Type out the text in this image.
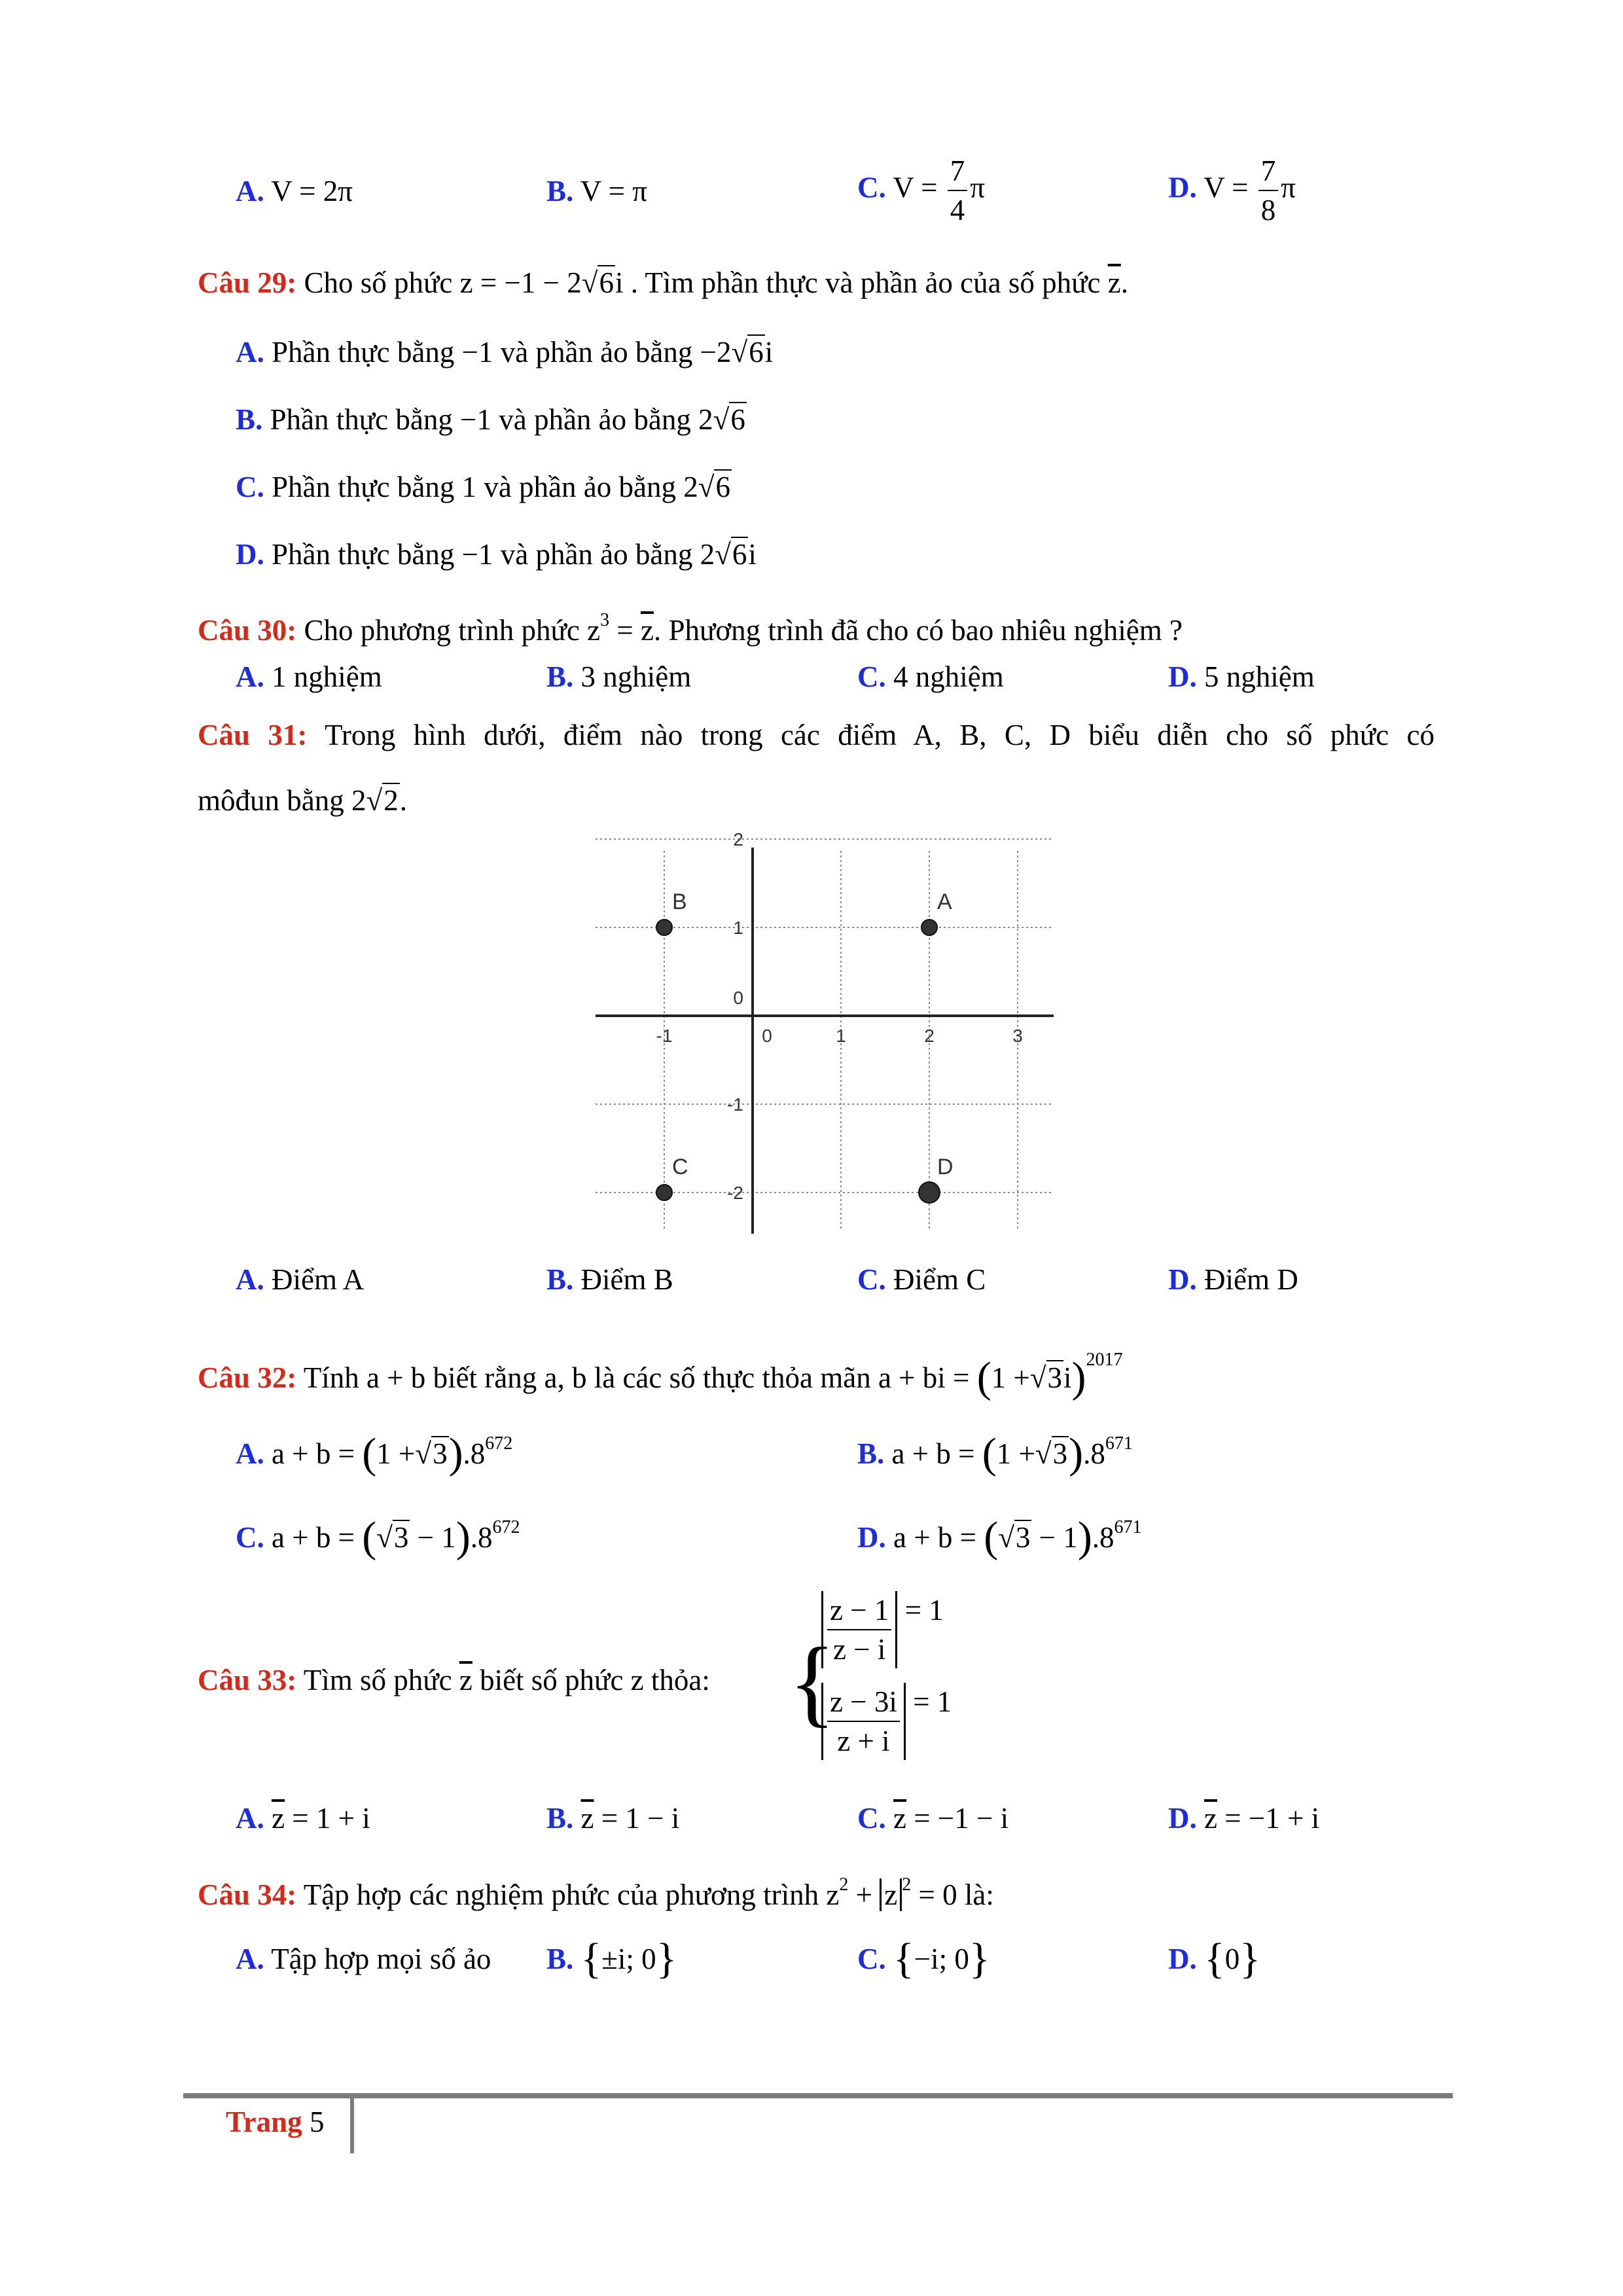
A. V = 2π	B. V = π	C. $V = \frac{7}{4}$ π	D. $V = \frac{7}{8}$ π
Câu 29: Cho số phức z = −1 − 2√6i . Tìm phần thực và phần ảo của số phức $\overline{z}$.
A. Phần thực bằng −1 và phần ảo bằng −2√6i
B. Phần thực bằng −1 và phần ảo bằng 2√6
C. Phần thực bằng 1 và phần ảo bằng 2√6
D. Phần thực bằng −1 và phần ảo bằng 2√6i
Câu 30: Cho phương trình phức $z^3 = \overline{z}$. Phương trình đã cho có bao nhiêu nghiệm ?
A. 1 nghiệm	B. 3 nghiệm	C. 4 nghiệm	D. 5 nghiệm
Câu 31: Trong hình dưới, điểm nào trong các điểm A, B, C, D biểu diễn cho số phức có
môđun bằng 2√2.
-1	0	1	2	3
2
1
0
-1
-2
A
B
C	D
A. Điểm A	B. Điểm B	C. Điểm C	D. Điểm D
Câu 32: Tính a + b biết rằng a, b là các số thực thỏa mãn a + bi = $(1 +√3i)^{2017}$
A. $a + b = (1 +√3).8^{672}$	B. $a + b = (1 +√3).8^{671}$
C. $a + b = (√3 - 1).8^{672}$	D. $a + b = (√3 - 1).8^{671}$
Câu 33: Tìm số phức $\overline{z}$ biết số phức z thỏa: {
$\frac{z - 1}{z - i} = 1$
$\frac{z - 3i}{z + i} = 1$
A. $\overline{z} = 1 + i$	B. $\overline{z} = 1 - i$	C. $\overline{z} = -1 - i$	D. $\overline{z} = -1 + i$
Câu 34: Tập hợp các nghiệm phức của phương trình $z^2 + z$ $^2$ = 0 là:
A. Tập hợp mọi số ảo B. {±i; 0}	C. {−i; 0}	D. {0}
Trang 5
